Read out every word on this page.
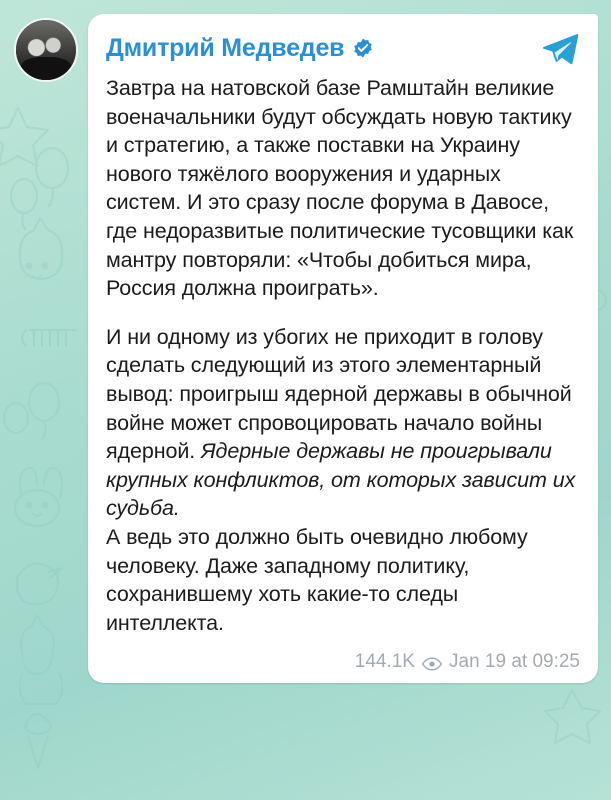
Дмитрий Медведев

Завтра на натовской базе Рамштайн великие военачальники будут обсуждать новую тактику и стратегию, а также поставки на Украину нового тяжёлого вооружения и ударных систем. И это сразу после форума в Давосе, где недоразвитые политические тусовщики как мантру повторяли: «Чтобы добиться мира, Россия должна проиграть».

И ни одному из убогих не приходит в голову сделать следующий из этого элементарный вывод: проигрыш ядерной державы в обычной войне может спровоцировать начало войны ядерной. Ядерные державы не проигрывали крупных конфликтов, от которых зависит их судьба.

А ведь это должно быть очевидно любому человеку. Даже западному политику, сохранившему хоть какие-то следы интеллекта.

144.1K Jan 19 at 09:25
